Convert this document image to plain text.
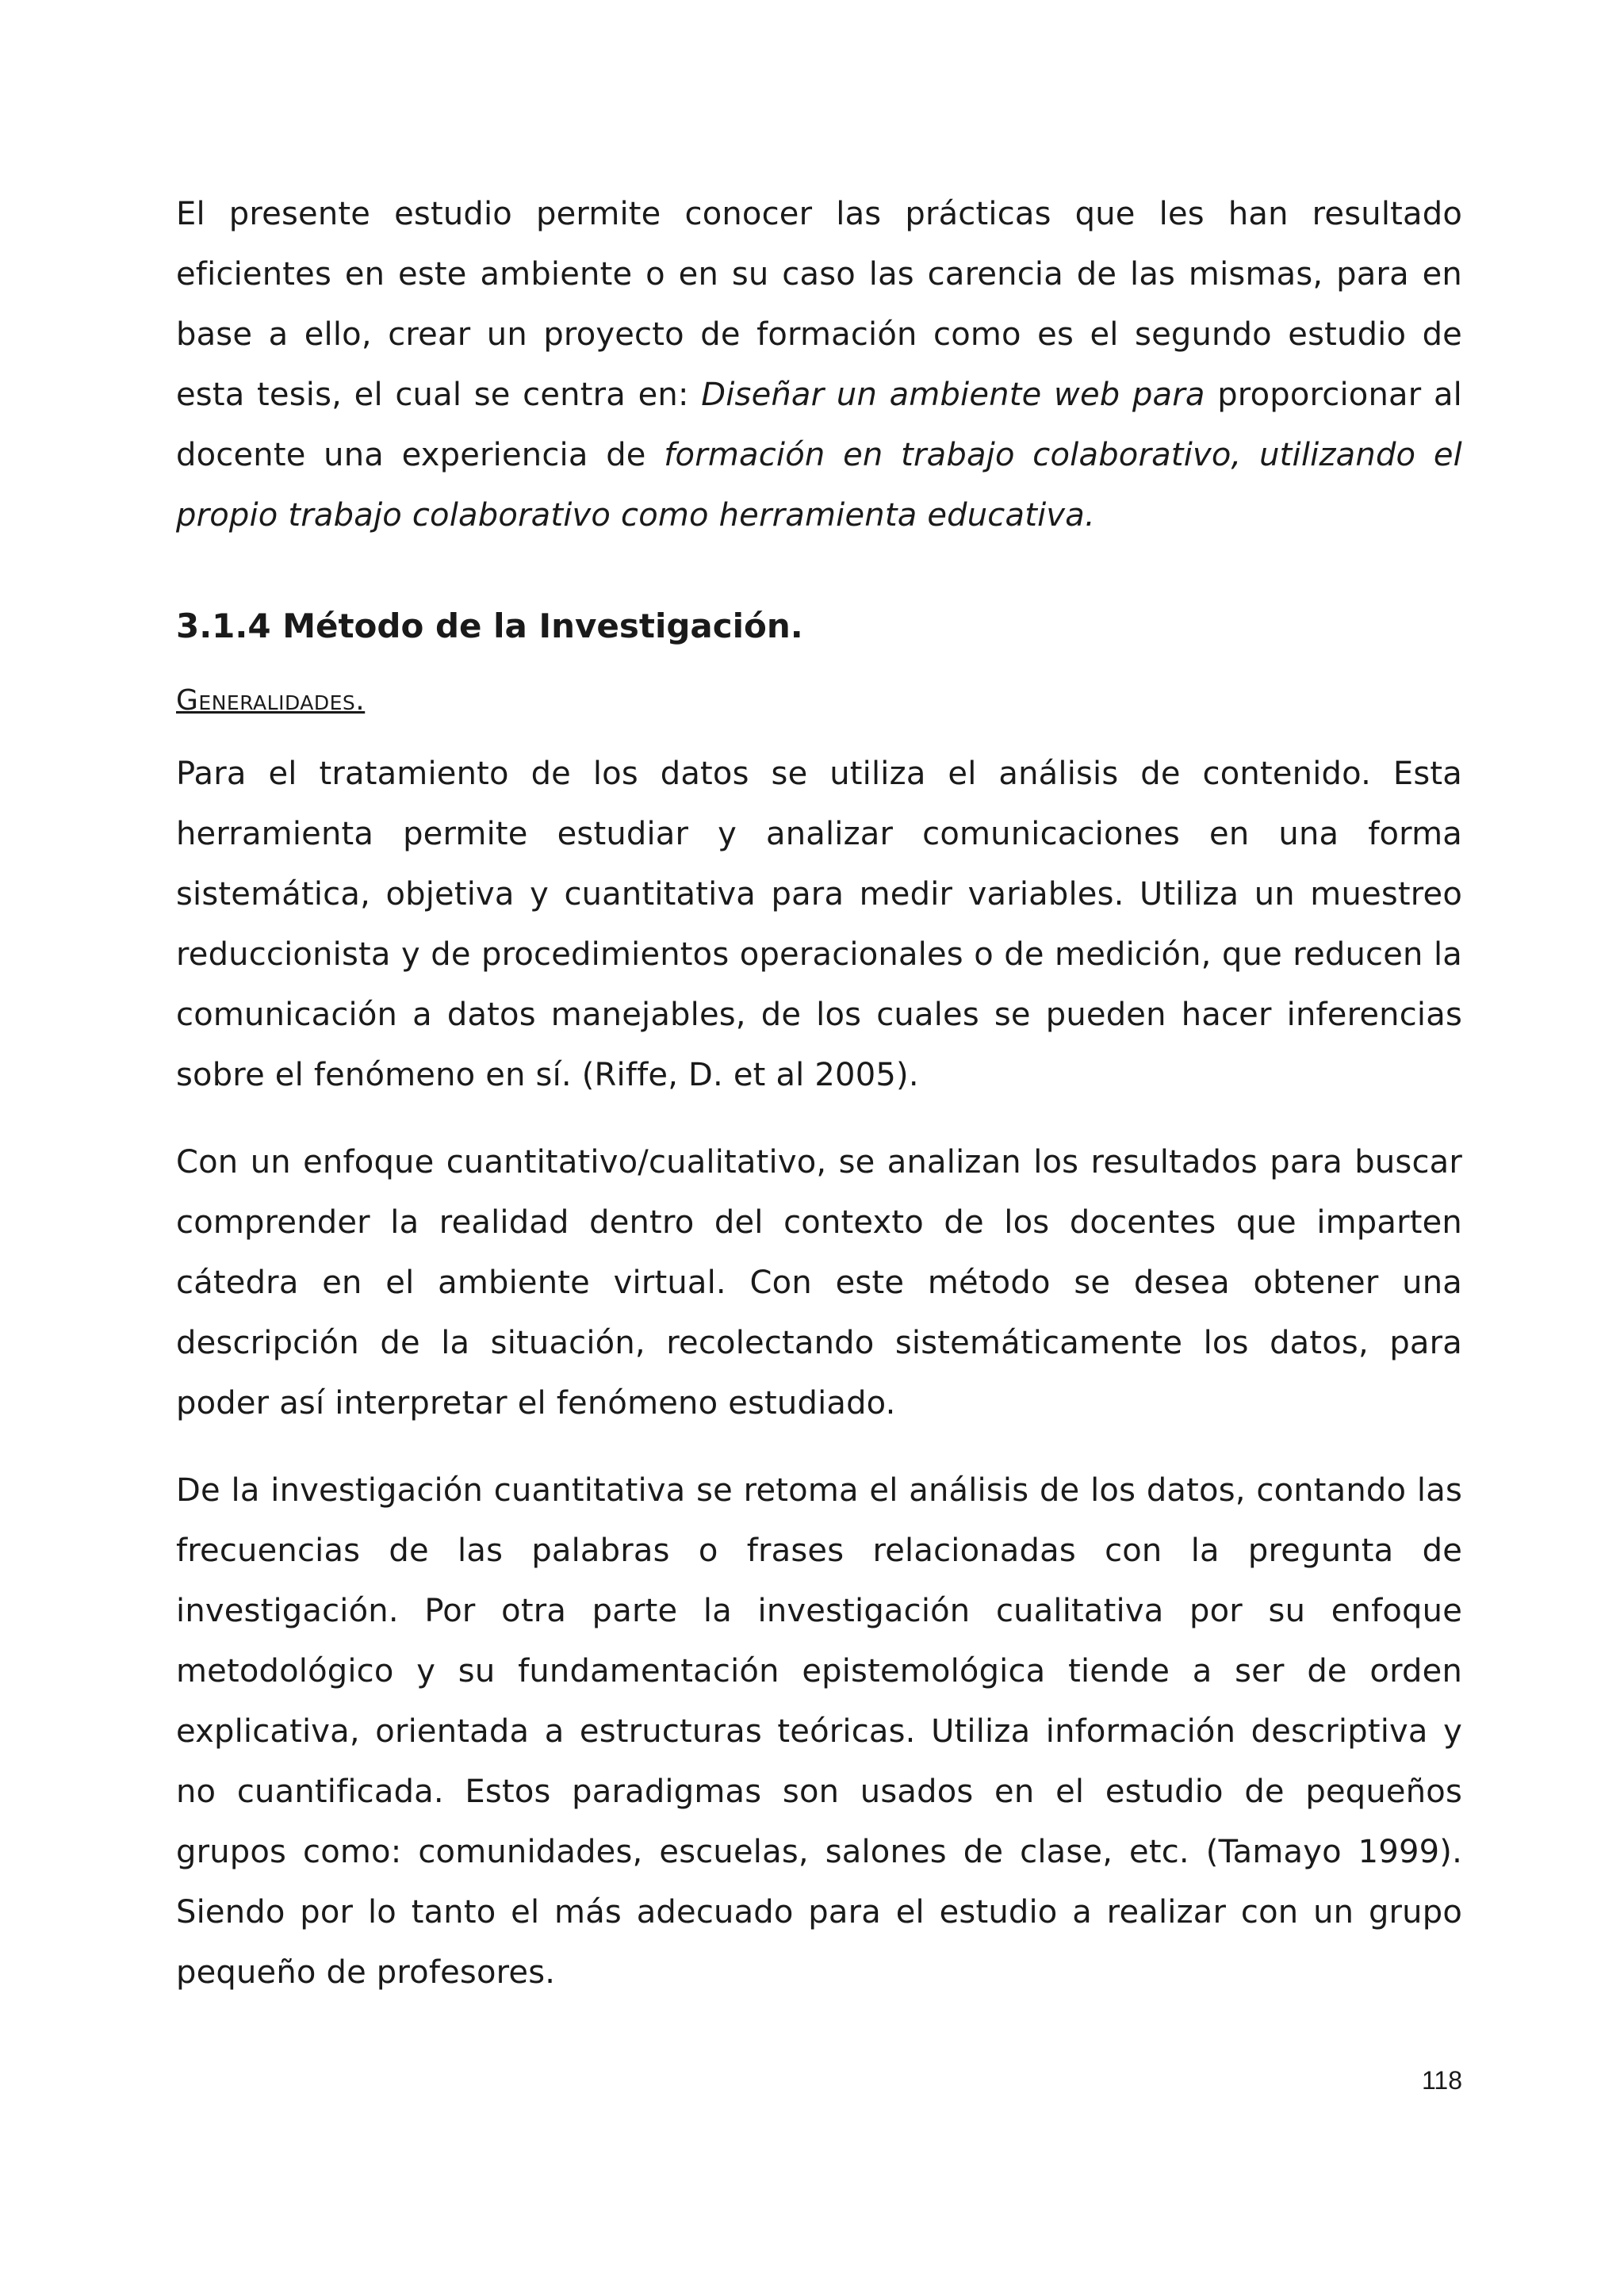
El presente estudio permite conocer las prácticas que les han resultado eficientes en este ambiente o en su caso las carencia de las mismas, para en base a ello, crear un proyecto de formación como es el segundo estudio de esta tesis, el cual se centra en: Diseñar un ambiente web para proporcionar al docente una experiencia de formación en trabajo colaborativo, utilizando el propio trabajo colaborativo como herramienta educativa.

3.1.4 Método de la Investigación.
Generalidades.

Para el tratamiento de los datos se utiliza el análisis de contenido. Esta herramienta permite estudiar y analizar comunicaciones en una forma sistemática, objetiva y cuantitativa para medir variables. Utiliza un muestreo reduccionista y de procedimientos operacionales o de medición, que reducen la comunicación a datos manejables, de los cuales se pueden hacer inferencias sobre el fenómeno en sí. (Riffe, D. et al 2005).

Con un enfoque cuantitativo/cualitativo, se analizan los resultados para buscar comprender la realidad dentro del contexto de los docentes que imparten cátedra en el ambiente virtual. Con este método se desea obtener una descripción de la situación, recolectando sistemáticamente los datos, para poder así interpretar el fenómeno estudiado.

De la investigación cuantitativa se retoma el análisis de los datos, contando las frecuencias de las palabras o frases relacionadas con la pregunta de investigación. Por otra parte la investigación cualitativa por su enfoque metodológico y su fundamentación epistemológica tiende a ser de orden explicativa, orientada a estructuras teóricas. Utiliza información descriptiva y no cuantificada. Estos paradigmas son usados en el estudio de pequeños grupos como: comunidades, escuelas, salones de clase, etc. (Tamayo 1999). Siendo por lo tanto el más adecuado para el estudio a realizar con un grupo pequeño de profesores.

118
